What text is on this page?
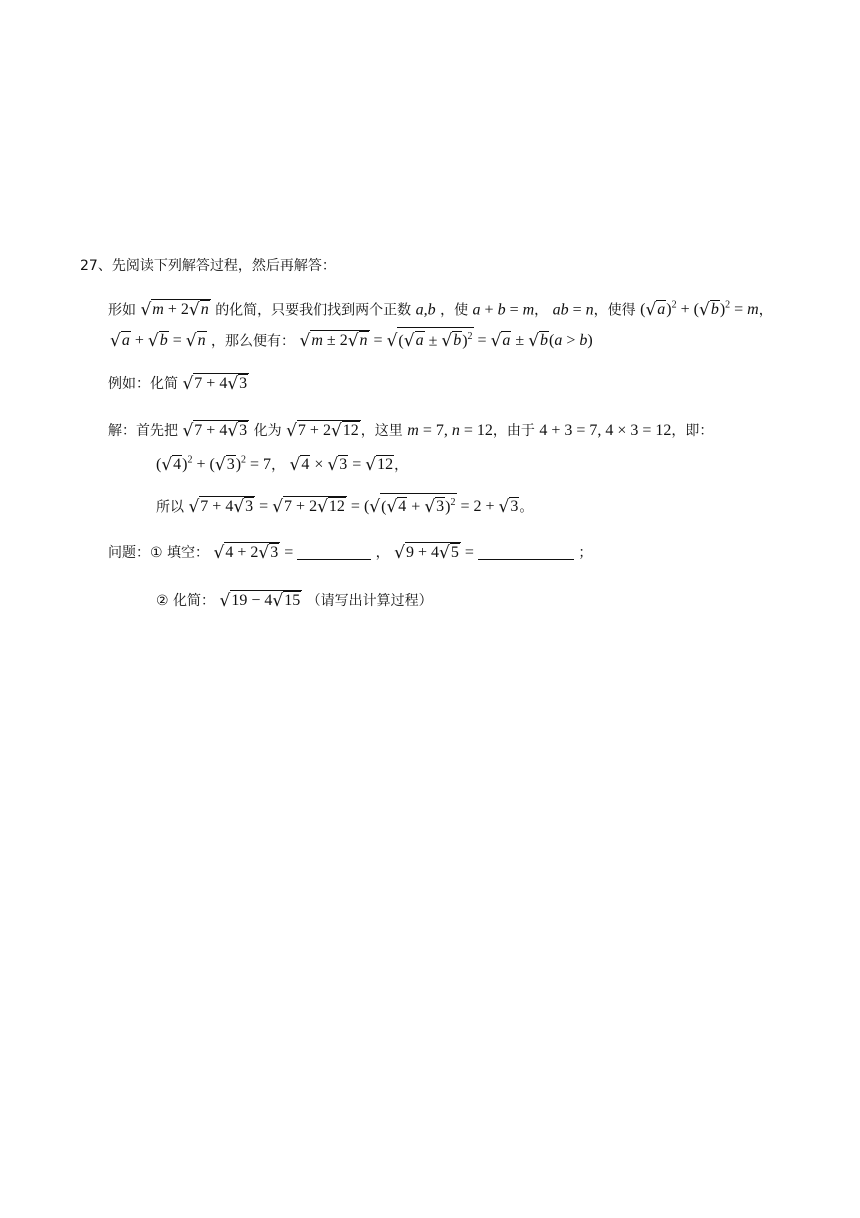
27、先阅读下列解答过程，然后再解答：
形如 √m + 2√n 的化简，只要我们找到两个正数 a,b ，使 a + b = m， ab = n，使得 $(√a)^2 + (√b)^2 = m$，
√a + √b = √n ，那么便有： $√m \pm 2√n = √(√a \pm √b)^2 = √a \pm √b(a > b)$
例如：化简 √7 + 4√3
解：首先把 √7 + 4√3 化为 √7 + 2√12 ，这里 m = 7, n = 12，由于 4 + 3 = 7, 4 × 3 = 12，即：
$(√4)^2 + (√3)^2 = 7$， √4 × √3 = √12，
所以 $√7 + 4√3 = √7 + 2√12 = (√(√4 + √3)^2 = 2 + √3$。
问题：① 填空： √4 + 2√3 =	， √9 + 4√5 =	；
② 化简： √19 − 4√15 （请写出计算过程）
